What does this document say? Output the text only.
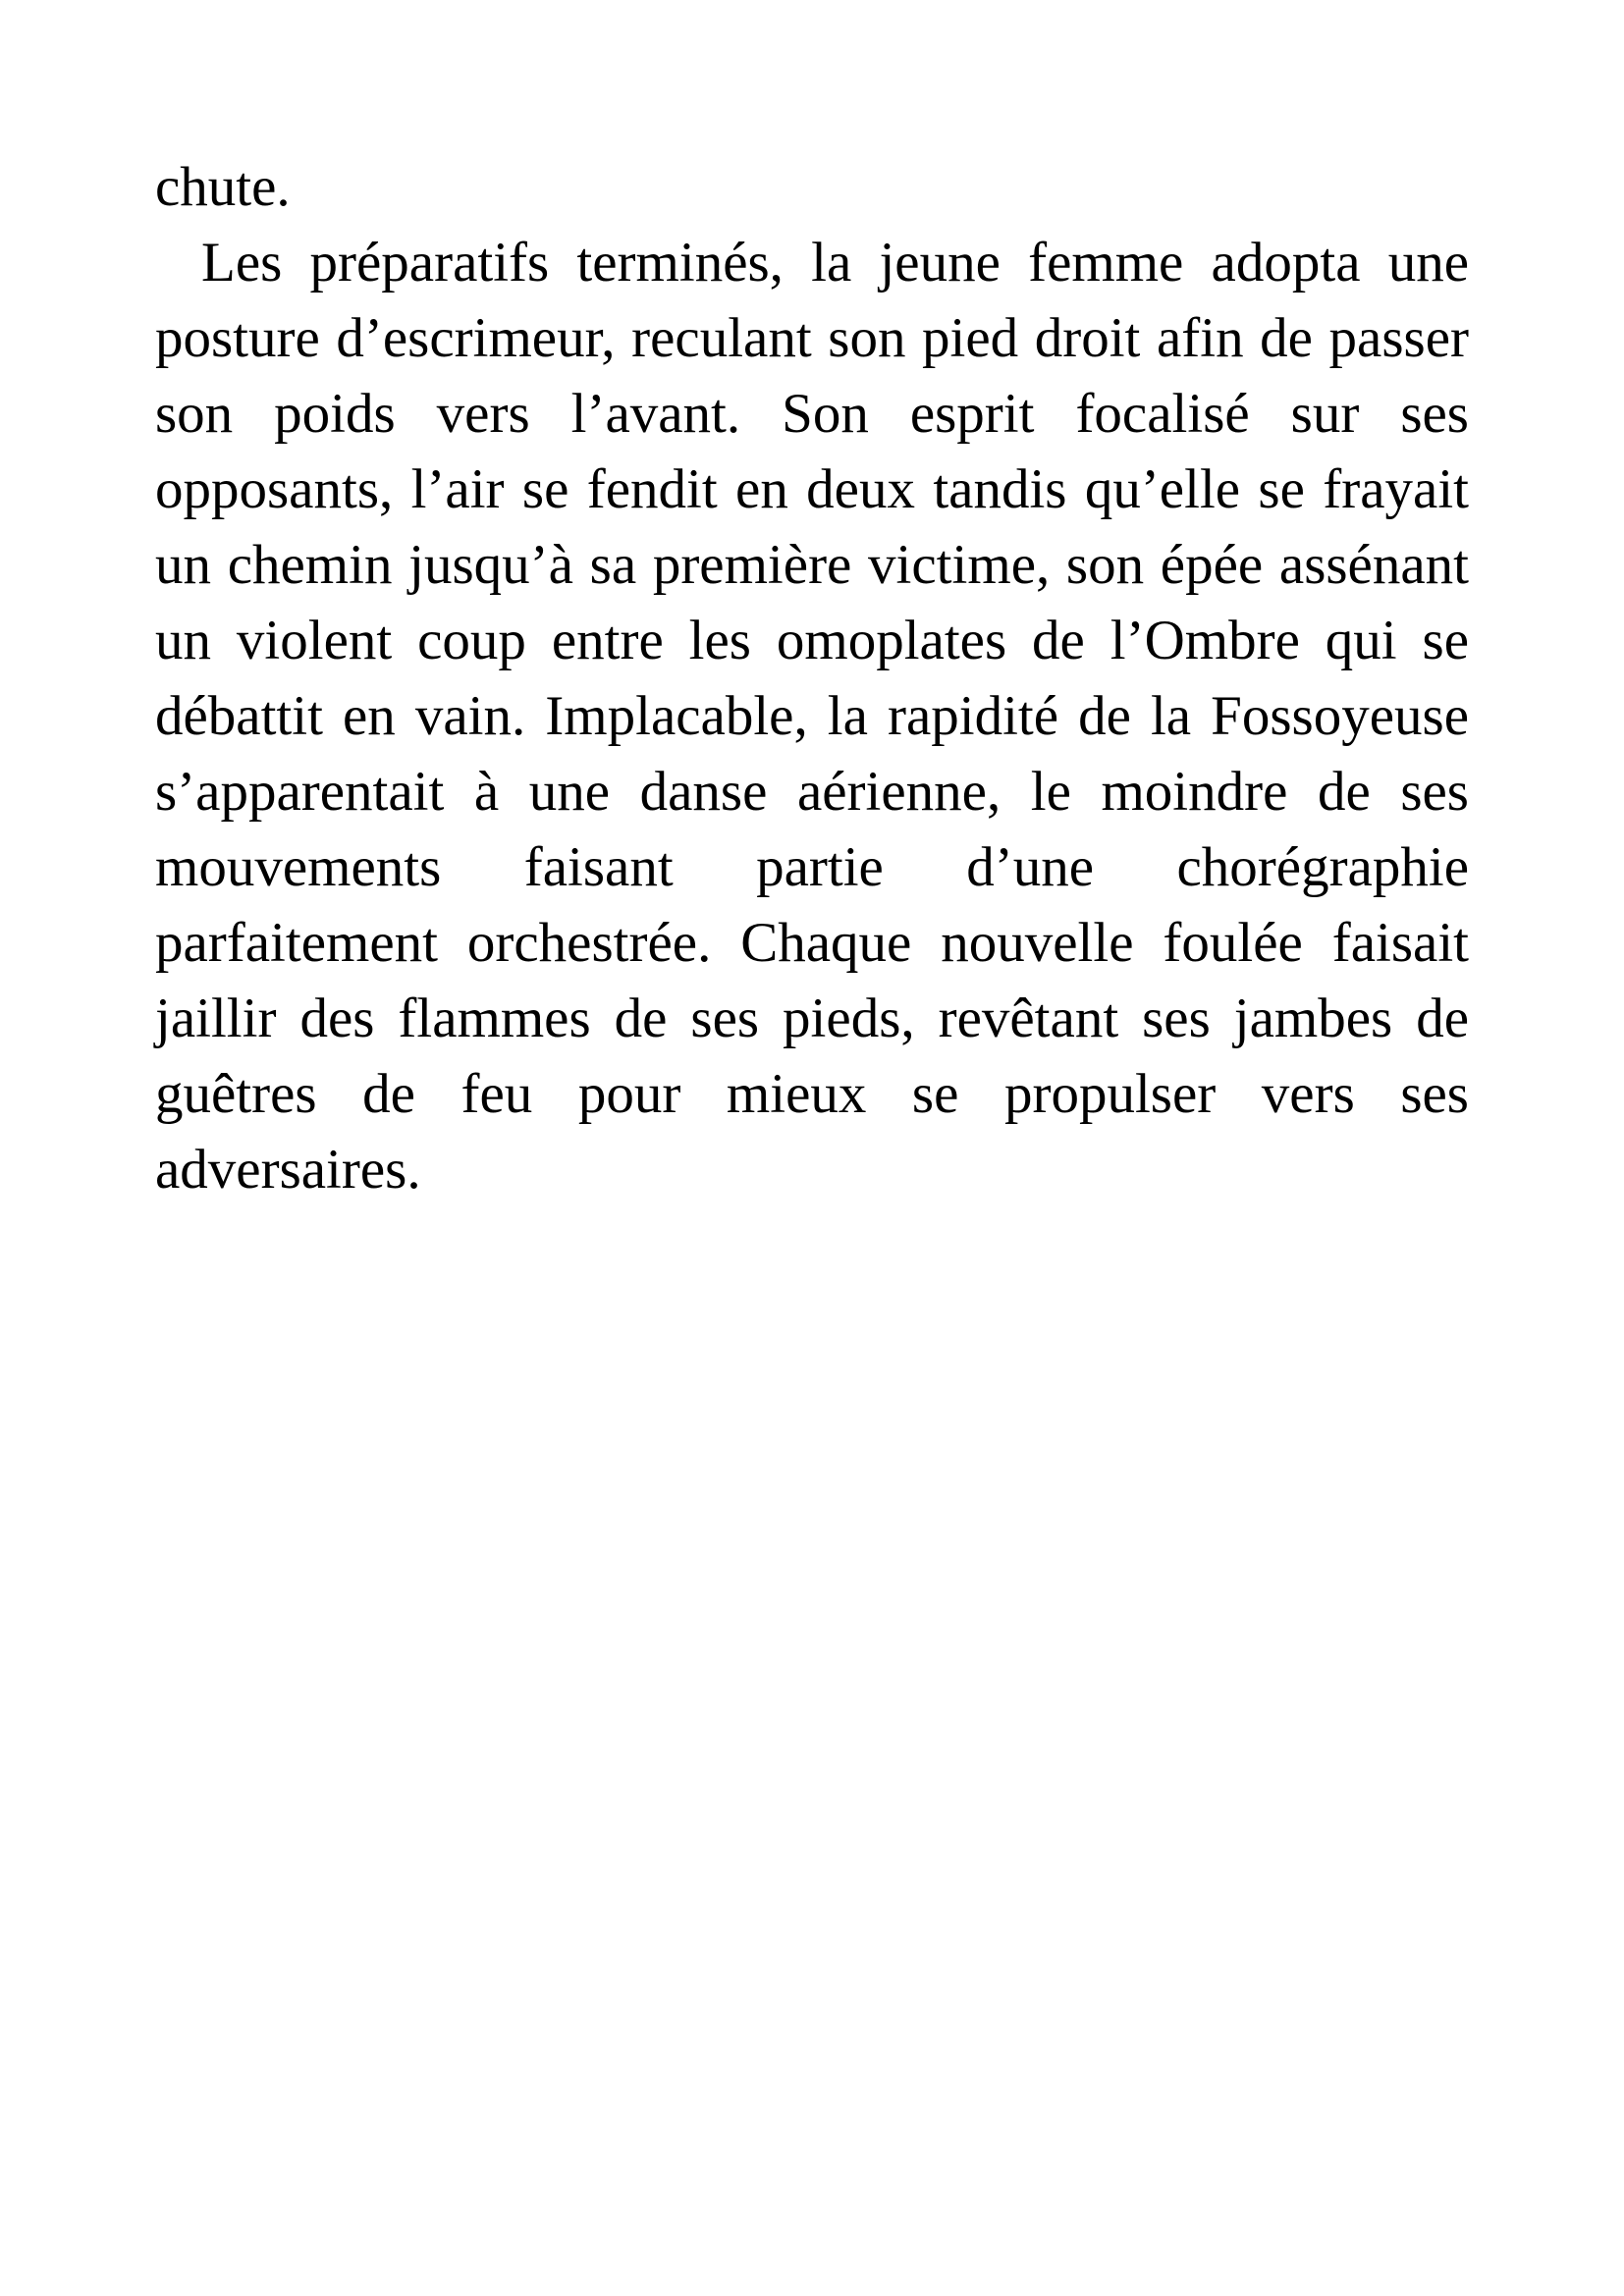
chute.
Les préparatifs terminés, la jeune femme adopta une
posture d’escrimeur, reculant son pied droit afin de passer
son poids vers l’avant. Son esprit focalisé sur ses
opposants, l’air se fendit en deux tandis qu’elle se frayait
un chemin jusqu’à sa première victime, son épée assénant
un violent coup entre les omoplates de l’Ombre qui se
débattit en vain. Implacable, la rapidité de la Fossoyeuse
s’apparentait à une danse aérienne, le moindre de ses
mouvements faisant partie d’une chorégraphie
parfaitement orchestrée. Chaque nouvelle foulée faisait
jaillir des flammes de ses pieds, revêtant ses jambes de
guêtres de feu pour mieux se propulser vers ses
adversaires.
